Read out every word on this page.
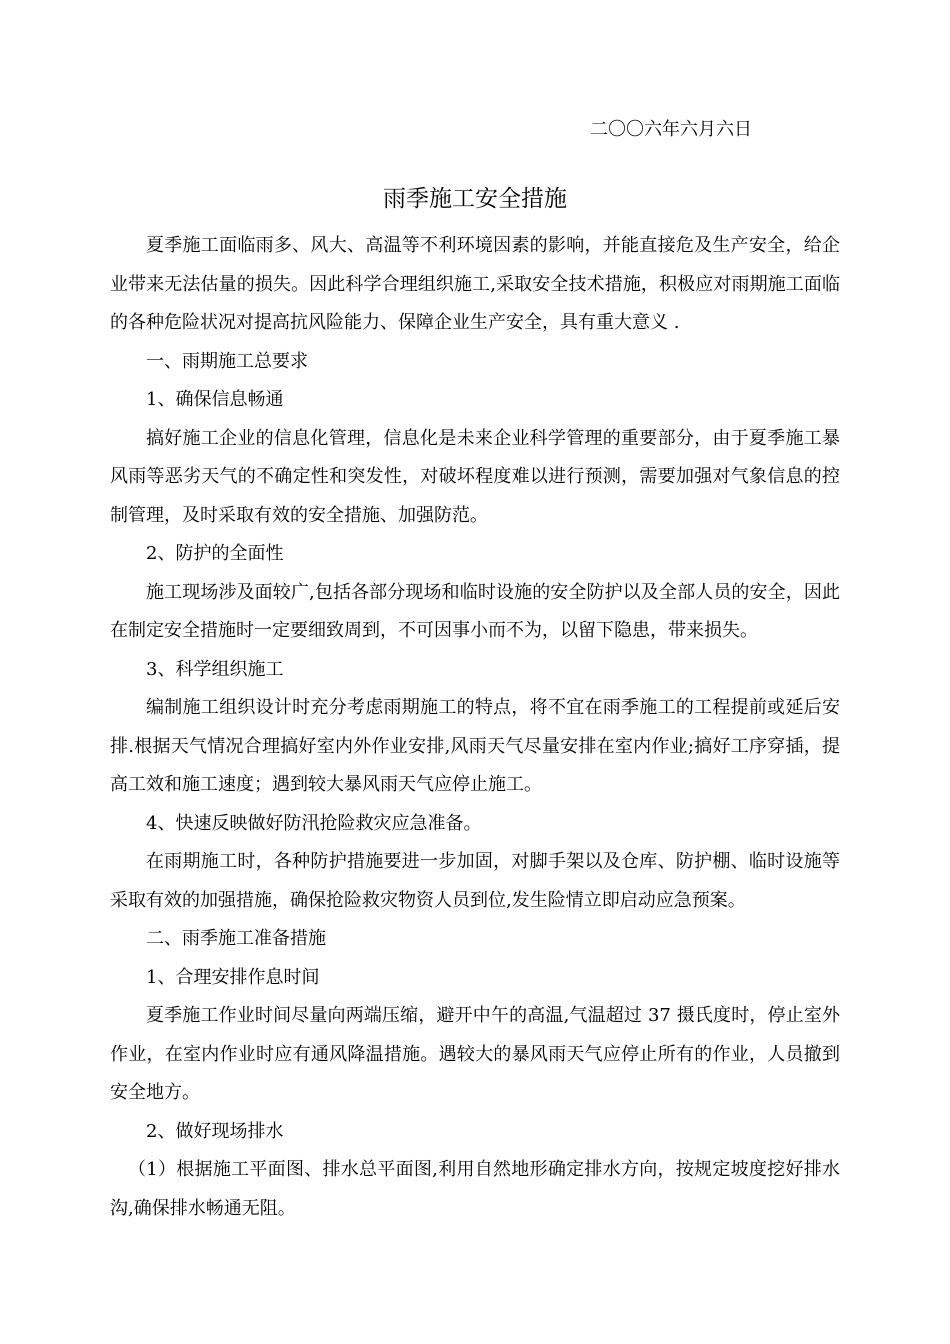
二〇〇六年六月六日
雨季施工安全措施

夏季施工面临雨多、风大、高温等不利环境因素的影响，并能直接危及生产安全，给企业带来无法估量的损失。因此科学合理组织施工,采取安全技术措施，积极应对雨期施工面临的各种危险状况对提高抗风险能力、保障企业生产安全，具有重大意义 .

一、雨期施工总要求

1、确保信息畅通

搞好施工企业的信息化管理，信息化是未来企业科学管理的重要部分，由于夏季施工暴风雨等恶劣天气的不确定性和突发性，对破坏程度难以进行预测，需要加强对气象信息的控制管理，及时采取有效的安全措施、加强防范。

2、防护的全面性

施工现场涉及面较广,包括各部分现场和临时设施的安全防护以及全部人员的安全，因此在制定安全措施时一定要细致周到，不可因事小而不为，以留下隐患，带来损失。

3、科学组织施工

编制施工组织设计时充分考虑雨期施工的特点，将不宜在雨季施工的工程提前或延后安排.根据天气情况合理搞好室内外作业安排,风雨天气尽量安排在室内作业;搞好工序穿插，提高工效和施工速度；遇到较大暴风雨天气应停止施工。

4、快速反映做好防汛抢险救灾应急准备。

在雨期施工时，各种防护措施要进一步加固，对脚手架以及仓库、防护棚、临时设施等采取有效的加强措施，确保抢险救灾物资人员到位,发生险情立即启动应急预案。

二、雨季施工准备措施

1、合理安排作息时间

夏季施工作业时间尽量向两端压缩，避开中午的高温,气温超过 37 摄氏度时，停止室外作业，在室内作业时应有通风降温措施。遇较大的暴风雨天气应停止所有的作业，人员撤到安全地方。

2、做好现场排水

（1）根据施工平面图、排水总平面图,利用自然地形确定排水方向，按规定坡度挖好排水沟,确保排水畅通无阻。
